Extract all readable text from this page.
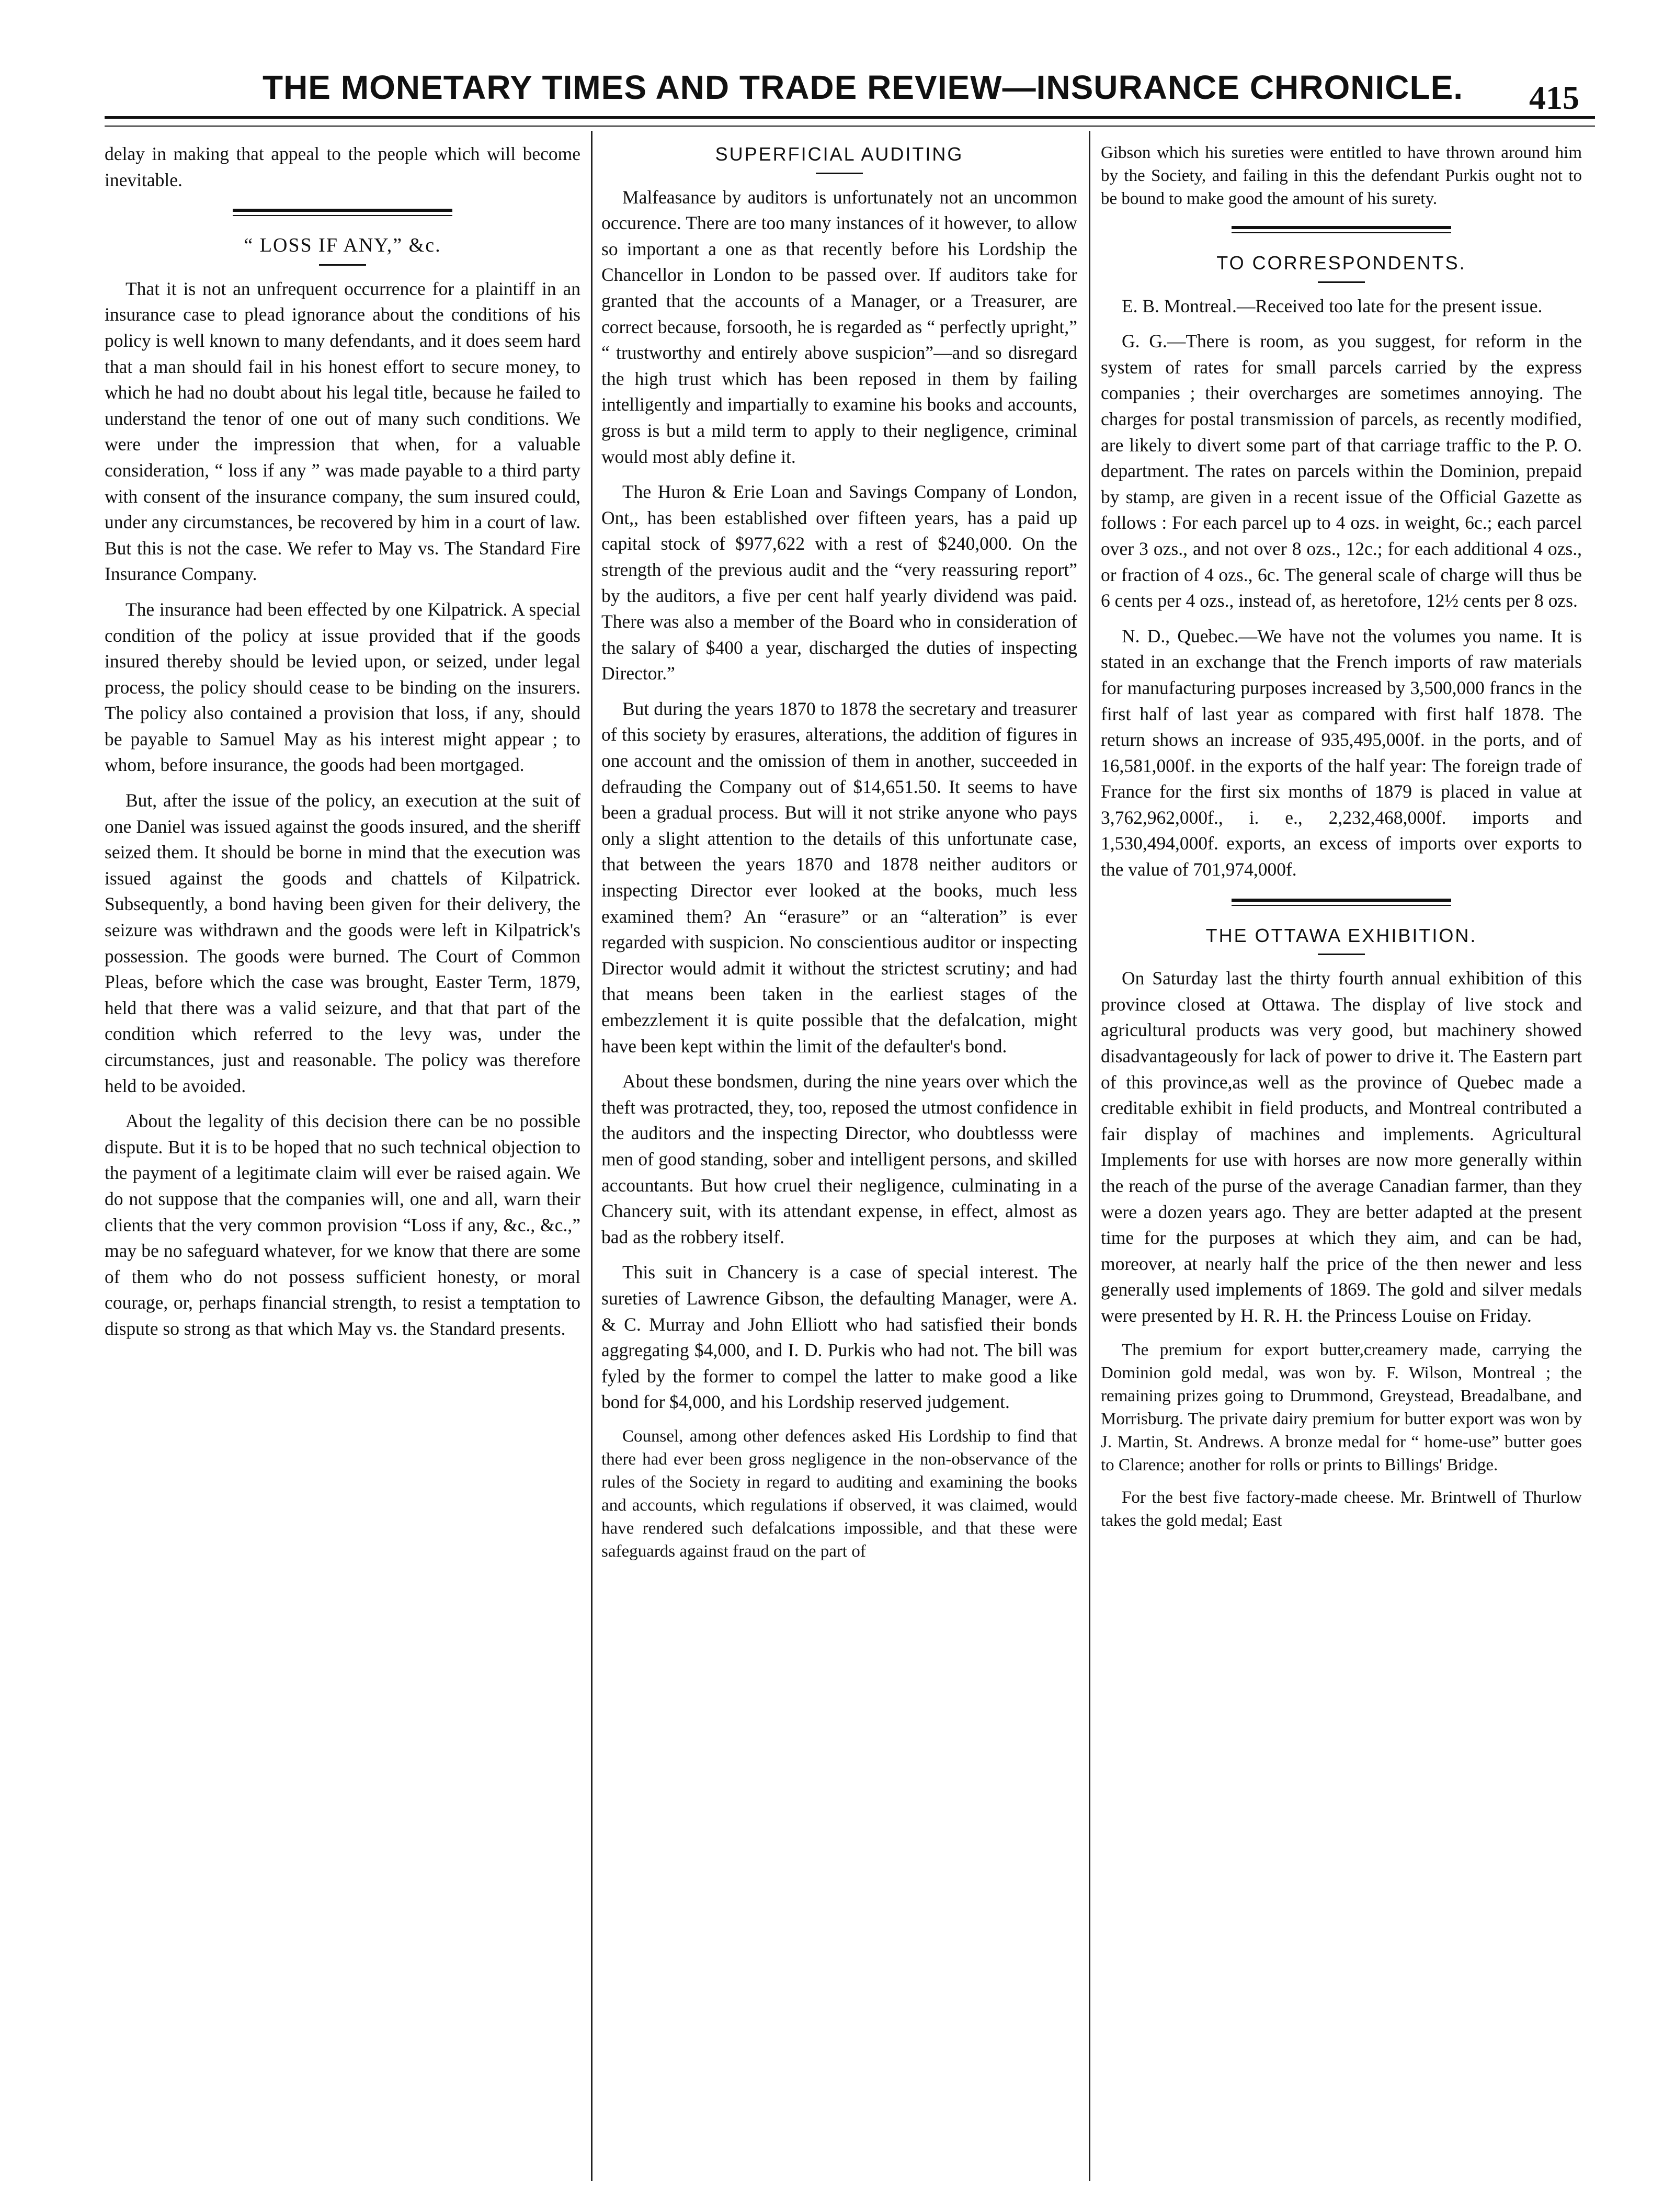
THE MONETARY TIMES AND TRADE REVIEW—INSURANCE CHRONICLE. 415

delay in making that appeal to the people which will become inevitable.

“ LOSS IF ANY,” &c.

That it is not an unfrequent occurrence for a plaintiff in an insurance case to plead ignorance about the conditions of his policy is well known to many defendants, and it does seem hard that a man should fail in his honest effort to secure money, to which he had no doubt about his legal title, because he failed to understand the tenor of one out of many such conditions. We were under the impression that when, for a valuable consideration, “ loss if any ” was made payable to a third party with consent of the insurance company, the sum insured could, under any circumstances, be recovered by him in a court of law. But this is not the case. We refer to May vs. The Standard Fire Insurance Company.

The insurance had been effected by one Kilpatrick. A special condition of the policy at issue provided that if the goods insured thereby should be levied upon, or seized, under legal process, the policy should cease to be binding on the insurers. The policy also contained a provision that loss, if any, should be payable to Samuel May as his interest might appear ; to whom, before insurance, the goods had been mortgaged.

But, after the issue of the policy, an execution at the suit of one Daniel was issued against the goods insured, and the sheriff seized them. It should be borne in mind that the execution was issued against the goods and chattels of Kilpatrick. Subsequently, a bond having been given for their delivery, the seizure was withdrawn and the goods were left in Kilpatrick's possession. The goods were burned. The Court of Common Pleas, before which the case was brought, Easter Term, 1879, held that there was a valid seizure, and that that part of the condition which referred to the levy was, under the circumstances, just and reasonable. The policy was therefore held to be avoided.

About the legality of this decision there can be no possible dispute. But it is to be hoped that no such technical objection to the payment of a legitimate claim will ever be raised again. We do not suppose that the companies will, one and all, warn their clients that the very common provision “Loss if any, &c., &c.,” may be no safeguard whatever, for we know that there are some of them who do not possess sufficient honesty, or moral courage, or, perhaps financial strength, to resist a temptation to dispute so strong as that which May vs. the Standard presents.

SUPERFICIAL AUDITING

Malfeasance by auditors is unfortunately not an uncommon occurence. There are too many instances of it however, to allow so important a one as that recently before his Lordship the Chancellor in London to be passed over. If auditors take for granted that the accounts of a Manager, or a Treasurer, are correct because, forsooth, he is regarded as “ perfectly upright,” “ trustworthy and entirely above suspicion”—and so disregard the high trust which has been reposed in them by failing intelligently and impartially to examine his books and accounts, gross is but a mild term to apply to their negligence, criminal would most ably define it.

The Huron & Erie Loan and Savings Company of London, Ont,, has been established over fifteen years, has a paid up capital stock of $977,622 with a rest of $240,000. On the strength of the previous audit and the “very reassuring report” by the auditors, a five per cent half yearly dividend was paid. There was also a member of the Board who in consideration of the salary of $400 a year, discharged the duties of inspecting Director.”

But during the years 1870 to 1878 the secretary and treasurer of this society by erasures, alterations, the addition of figures in one account and the omission of them in another, succeeded in defrauding the Company out of $14,651.50. It seems to have been a gradual process. But will it not strike anyone who pays only a slight attention to the details of this unfortunate case, that between the years 1870 and 1878 neither auditors or inspecting Director ever looked at the books, much less examined them? An “erasure” or an “alteration” is ever regarded with suspicion. No conscientious auditor or inspecting Director would admit it without the strictest scrutiny; and had that means been taken in the earliest stages of the embezzlement it is quite possible that the defalcation, might have been kept within the limit of the defaulter's bond.

About these bondsmen, during the nine years over which the theft was protracted, they, too, reposed the utmost confidence in the auditors and the inspecting Director, who doubtlesss were men of good standing, sober and intelligent persons, and skilled accountants. But how cruel their negligence, culminating in a Chancery suit, with its attendant expense, in effect, almost as bad as the robbery itself.

This suit in Chancery is a case of special interest. The sureties of Lawrence Gibson, the defaulting Manager, were A. & C. Murray and John Elliott who had satisfied their bonds aggregating $4,000, and I. D. Purkis who had not. The bill was fyled by the former to compel the latter to make good a like bond for $4,000, and his Lordship reserved judgement.

Counsel, among other defences asked His Lordship to find that there had ever been gross negligence in the non-observance of the rules of the Society in regard to auditing and examining the books and accounts, which regulations if observed, it was claimed, would have rendered such defalcations impossible, and that these were safeguards against fraud on the part of

Gibson which his sureties were entitled to have thrown around him by the Society, and failing in this the defendant Purkis ought not to be bound to make good the amount of his surety.

TO CORRESPONDENTS.

E. B. Montreal.—Received too late for the present issue.

G. G.—There is room, as you suggest, for reform in the system of rates for small parcels carried by the express companies ; their overcharges are sometimes annoying. The charges for postal transmission of parcels, as recently modified, are likely to divert some part of that carriage traffic to the P. O. department. The rates on parcels within the Dominion, prepaid by stamp, are given in a recent issue of the Official Gazette as follows : For each parcel up to 4 ozs. in weight, 6c.; each parcel over 3 ozs., and not over 8 ozs., 12c.; for each additional 4 ozs., or fraction of 4 ozs., 6c. The general scale of charge will thus be 6 cents per 4 ozs., instead of, as heretofore, 12½ cents per 8 ozs.

N. D., Quebec.—We have not the volumes you name. It is stated in an exchange that the French imports of raw materials for manufacturing purposes increased by 3,500,000 francs in the first half of last year as compared with first half 1878. The return shows an increase of 935,495,000f. in the ports, and of 16,581,000f. in the exports of the half year: The foreign trade of France for the first six months of 1879 is placed in value at 3,762,962,000f., i. e., 2,232,468,000f. imports and 1,530,494,000f. exports, an excess of imports over exports to the value of 701,974,000f.

THE OTTAWA EXHIBITION.

On Saturday last the thirty fourth annual exhibition of this province closed at Ottawa. The display of live stock and agricultural products was very good, but machinery showed disadvantageously for lack of power to drive it. The Eastern part of this province,as well as the province of Quebec made a creditable exhibit in field products, and Montreal contributed a fair display of machines and implements. Agricultural Implements for use with horses are now more generally within the reach of the purse of the average Canadian farmer, than they were a dozen years ago. They are better adapted at the present time for the purposes at which they aim, and can be had, moreover, at nearly half the price of the then newer and less generally used implements of 1869. The gold and silver medals were presented by H. R. H. the Princess Louise on Friday.

The premium for export butter,creamery made, carrying the Dominion gold medal, was won by. F. Wilson, Montreal ; the remaining prizes going to Drummond, Greystead, Breadalbane, and Morrisburg. The private dairy premium for butter export was won by J. Martin, St. Andrews. A bronze medal for “ home-use” butter goes to Clarence; another for rolls or prints to Billings' Bridge.

For the best five factory-made cheese. Mr. Brintwell of Thurlow takes the gold medal; East
